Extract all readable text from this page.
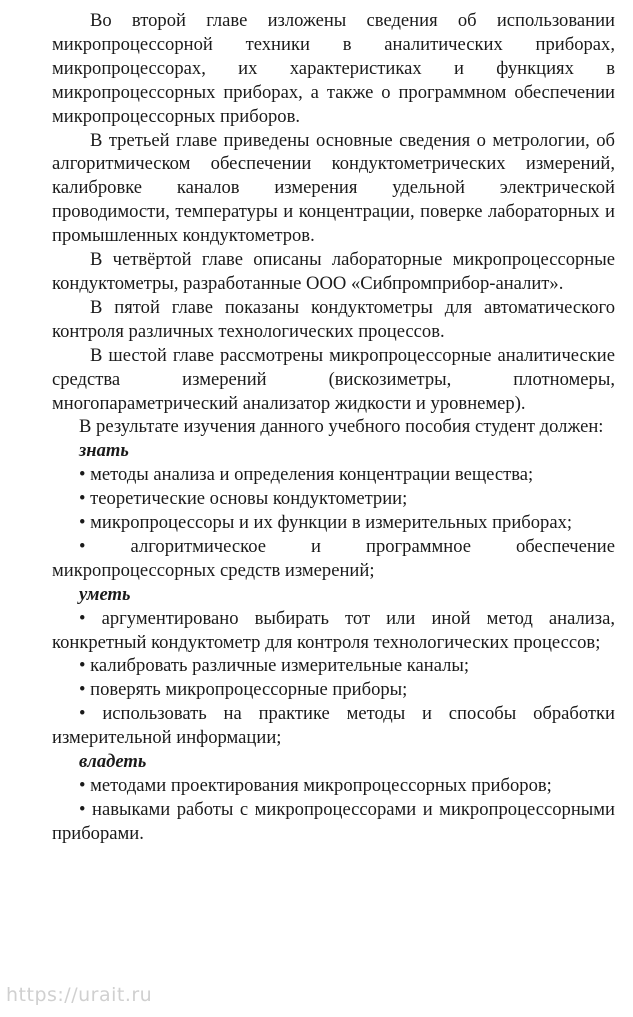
Во второй главе изложены сведения об использовании микропроцессорной техники в аналитических приборах, микропроцессорах, их характеристиках и функциях в микропроцессорных приборах, а также о программном обеспечении микропроцессорных приборов.

В третьей главе приведены основные сведения о метрологии, об алгоритмическом обеспечении кондуктометрических измерений, калибровке каналов измерения удельной электрической проводимости, температуры и концентрации, поверке лабораторных и промышленных кондуктометров.

В четвёртой главе описаны лабораторные микропроцессорные кондуктометры, разработанные ООО «Сибпромприбор-аналит».

В пятой главе показаны кондуктометры для автоматического контроля различных технологических процессов.

В шестой главе рассмотрены микропроцессорные аналитические средства измерений (вискозиметры, плотномеры, многопараметрический анализатор жидкости и уровнемер).

В результате изучения данного учебного пособия студент должен:

знать

• методы анализа и определения концентрации вещества;

• теоретические основы кондуктометрии;

• микропроцессоры и их функции в измерительных приборах;

• алгоритмическое и программное обеспечение микропроцессорных средств измерений;

уметь

• аргументировано выбирать тот или иной метод анализа, конкретный кондуктометр для контроля технологических процессов;

• калибровать различные измерительные каналы;

• поверять микропроцессорные приборы;

• использовать на практике методы и способы обработки измерительной информации;

владеть

• методами проектирования микропроцессорных приборов;

• навыками работы с микропроцессорами и микропроцессорными приборами.

https://urait.ru
